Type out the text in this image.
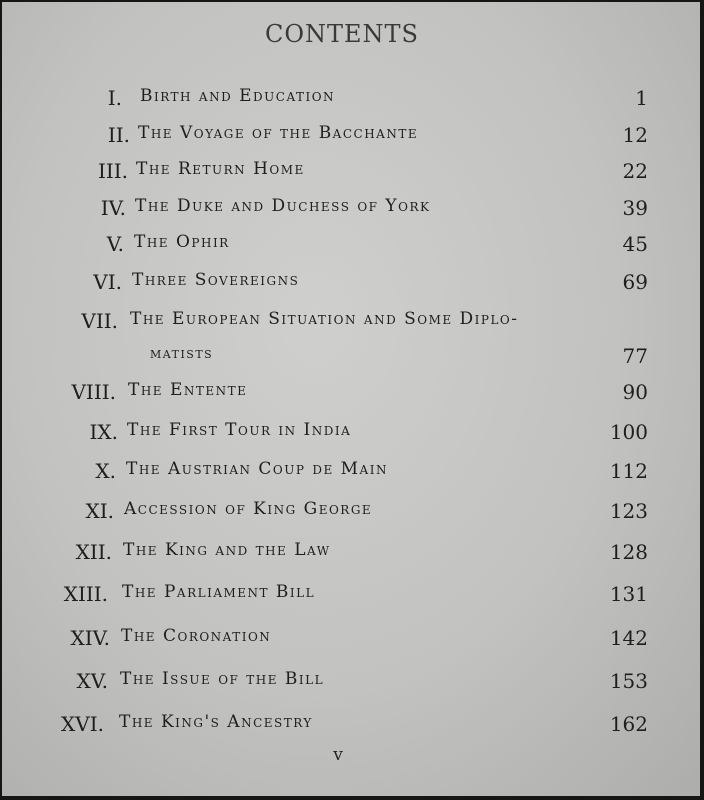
CONTENTS
I. Birth and Education	1
II. The Voyage of the Bacchante	12
III. The Return Home	22
IV. The Duke and Duchess of York	39
V. The Ophir	45
VI. Three Sovereigns	69
VII. The European Situation and Some Diplo-
matists	77
VIII. The Entente	90
IX. The First Tour in India	100
X. The Austrian Coup de Main	112
XI. Accession of King George	123
XII. The King and the Law	128
XIII. The Parliament Bill	131
XIV. The Coronation	142
XV. The Issue of the Bill	153
XVI. The King's Ancestry	162
v
